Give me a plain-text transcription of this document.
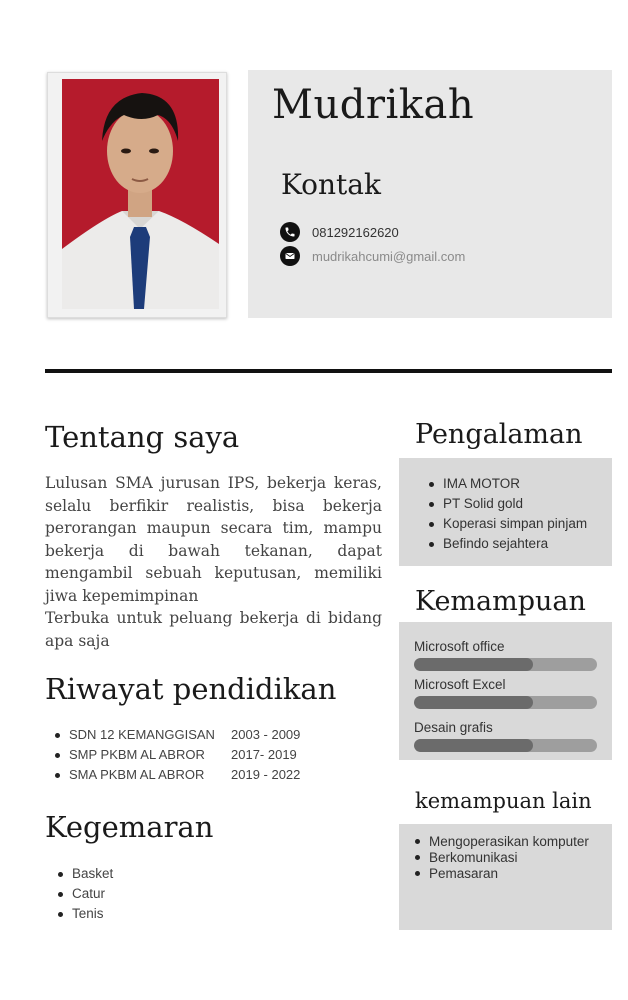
Mudrikah
Kontak
081292162620
mudrikahcumi@gmail.com
Tentang saya

Lulusan SMA jurusan IPS, bekerja keras, selalu berfikir realistis, bisa bekerja perorangan maupun secara tim, mampu bekerja di bawah tekanan, dapat mengambil sebuah keputusan, memiliki jiwa kepemimpinan

Terbuka untuk peluang bekerja di bidang apa saja

Riwayat pendidikan
SDN 12 KEMANGGISAN	2003 - 2009
SMP PKBM AL ABROR	2017- 2019
SMA PKBM AL ABROR	2019 - 2022
Kegemaran
Basket
Catur
Tenis
Pengalaman
IMA MOTOR
PT Solid gold
Koperasi simpan pinjam
Befindo sejahtera
Kemampuan
Microsoft office
Microsoft Excel
Desain grafis
kemampuan lain
Mengoperasikan komputer
Berkomunikasi
Pemasaran
